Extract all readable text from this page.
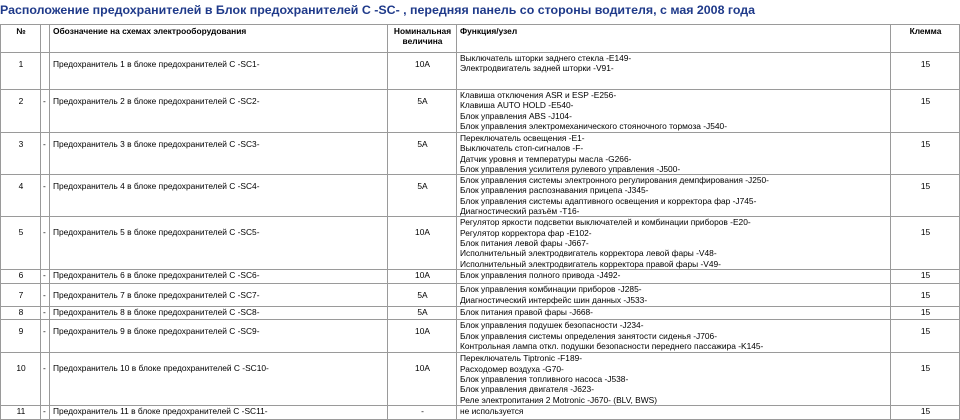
Расположение предохранителей в Блок предохранителей С -SC- , передняя панель со стороны водителя, с мая 2008 года
№		Обозначение на схемах электрооборудования	Номинальная
величина	Функция/узел	Клемма

1		Предохранитель 1 в блоке предохранителей С -SC1-	10A	Выключатель шторки заднего стекла -E149-
Электродвигатель задней шторки -V91-	15

2	-	Предохранитель 2 в блоке предохранителей С -SC2-	5A	Клавиша отключения ASR и ESP -E256-
Клавиша AUTO HOLD -E540-
Блок управления ABS -J104-
Блок управления электромеханического стояночного тормоза -J540-	15

3	-	Предохранитель 3 в блоке предохранителей С -SC3-	5A	Переключатель освещения -E1-
Выключатель стоп-сигналов -F-
Датчик уровня и температуры масла -G266-
Блок управления усилителя рулевого управления -J500-	15

4	-	Предохранитель 4 в блоке предохранителей С -SC4-	5A	Блок управления системы электронного регулирования демпфирования -J250-
Блок управления распознавания прицепа -J345-
Блок управления системы адаптивного освещения и корректора фар -J745-
Диагностический разъём -T16-	15

5	-	Предохранитель 5 в блоке предохранителей С -SC5-	10A	Регулятор яркости подсветки выключателей и комбинации приборов -E20-
Регулятор корректора фар -E102-
Блок питания левой фары -J667-
Исполнительный электродвигатель корректора левой фары -V48-
Исполнительный электродвигатель корректора правой фары -V49-	15

6	-	Предохранитель 6 в блоке предохранителей С -SC6-	10A	Блок управления полного привода -J492-	15

7	-	Предохранитель 7 в блоке предохранителей С -SC7-	5A	Блок управления комбинации приборов -J285-
Диагностический интерфейс шин данных -J533-	15

8	-	Предохранитель 8 в блоке предохранителей С -SC8-	5A	Блок питания правой фары -J668-	15

9	-	Предохранитель 9 в блоке предохранителей С -SC9-	10A	Блок управления подушек безопасности -J234-
Блок управления системы определения занятости сиденья -J706-
Контрольная лампа откл. подушки безопасности переднего пассажира -K145-	15

10	-	Предохранитель 10 в блоке предохранителей С -SC10-	10A	Переключатель Tiptronic -F189-
Расходомер воздуха -G70-
Блок управления топливного насоса -J538-
Блок управления двигателя -J623-
Реле электропитания 2 Motronic -J670- (BLV, BWS)	15

11	-	Предохранитель 11 в блоке предохранителей С -SC11-	-	не используется	15
